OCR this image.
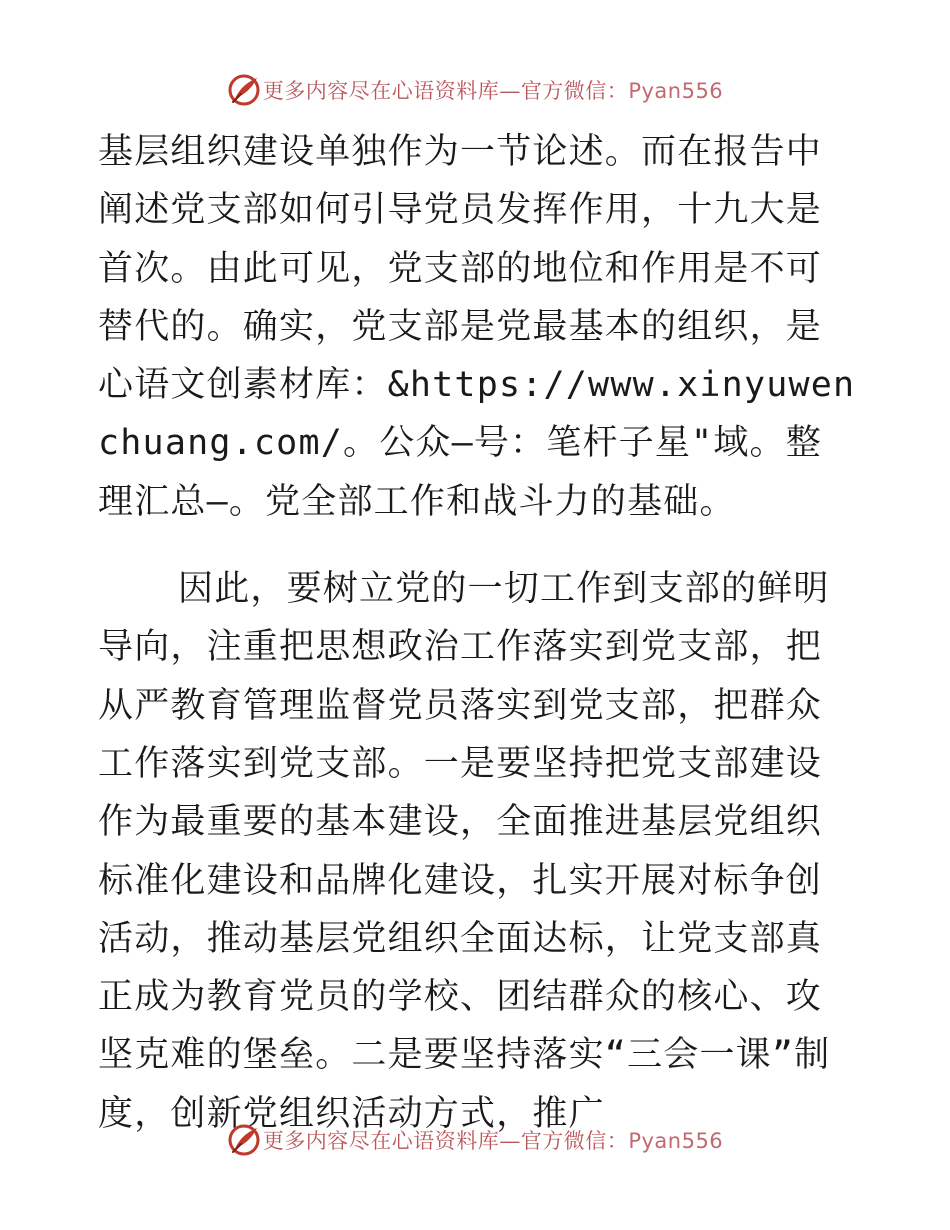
更多内容尽在心语资料库—官方微信：Pyan556

基层组织建设单独作为一节论述。而在报告中阐述党支部如何引导党员发挥作用，十九大是首次。由此可见，党支部的地位和作用是不可替代的。确实，党支部是党最基本的组织，是心语文创素材库：&https://www.xinyuwenchuang.com/。公众—号：笔杆子星"域。整理汇总—。党全部工作和战斗力的基础。

因此，要树立党的一切工作到支部的鲜明导向，注重把思想政治工作落实到党支部，把从严教育管理监督党员落实到党支部，把群众工作落实到党支部。一是要坚持把党支部建设作为最重要的基本建设，全面推进基层党组织标准化建设和品牌化建设，扎实开展对标争创活动，推动基层党组织全面达标，让党支部真正成为教育党员的学校、团结群众的核心、攻坚克难的堡垒。二是要坚持落实“三会一课”制度，创新党组织活动方式，推广

更多内容尽在心语资料库—官方微信：Pyan556
